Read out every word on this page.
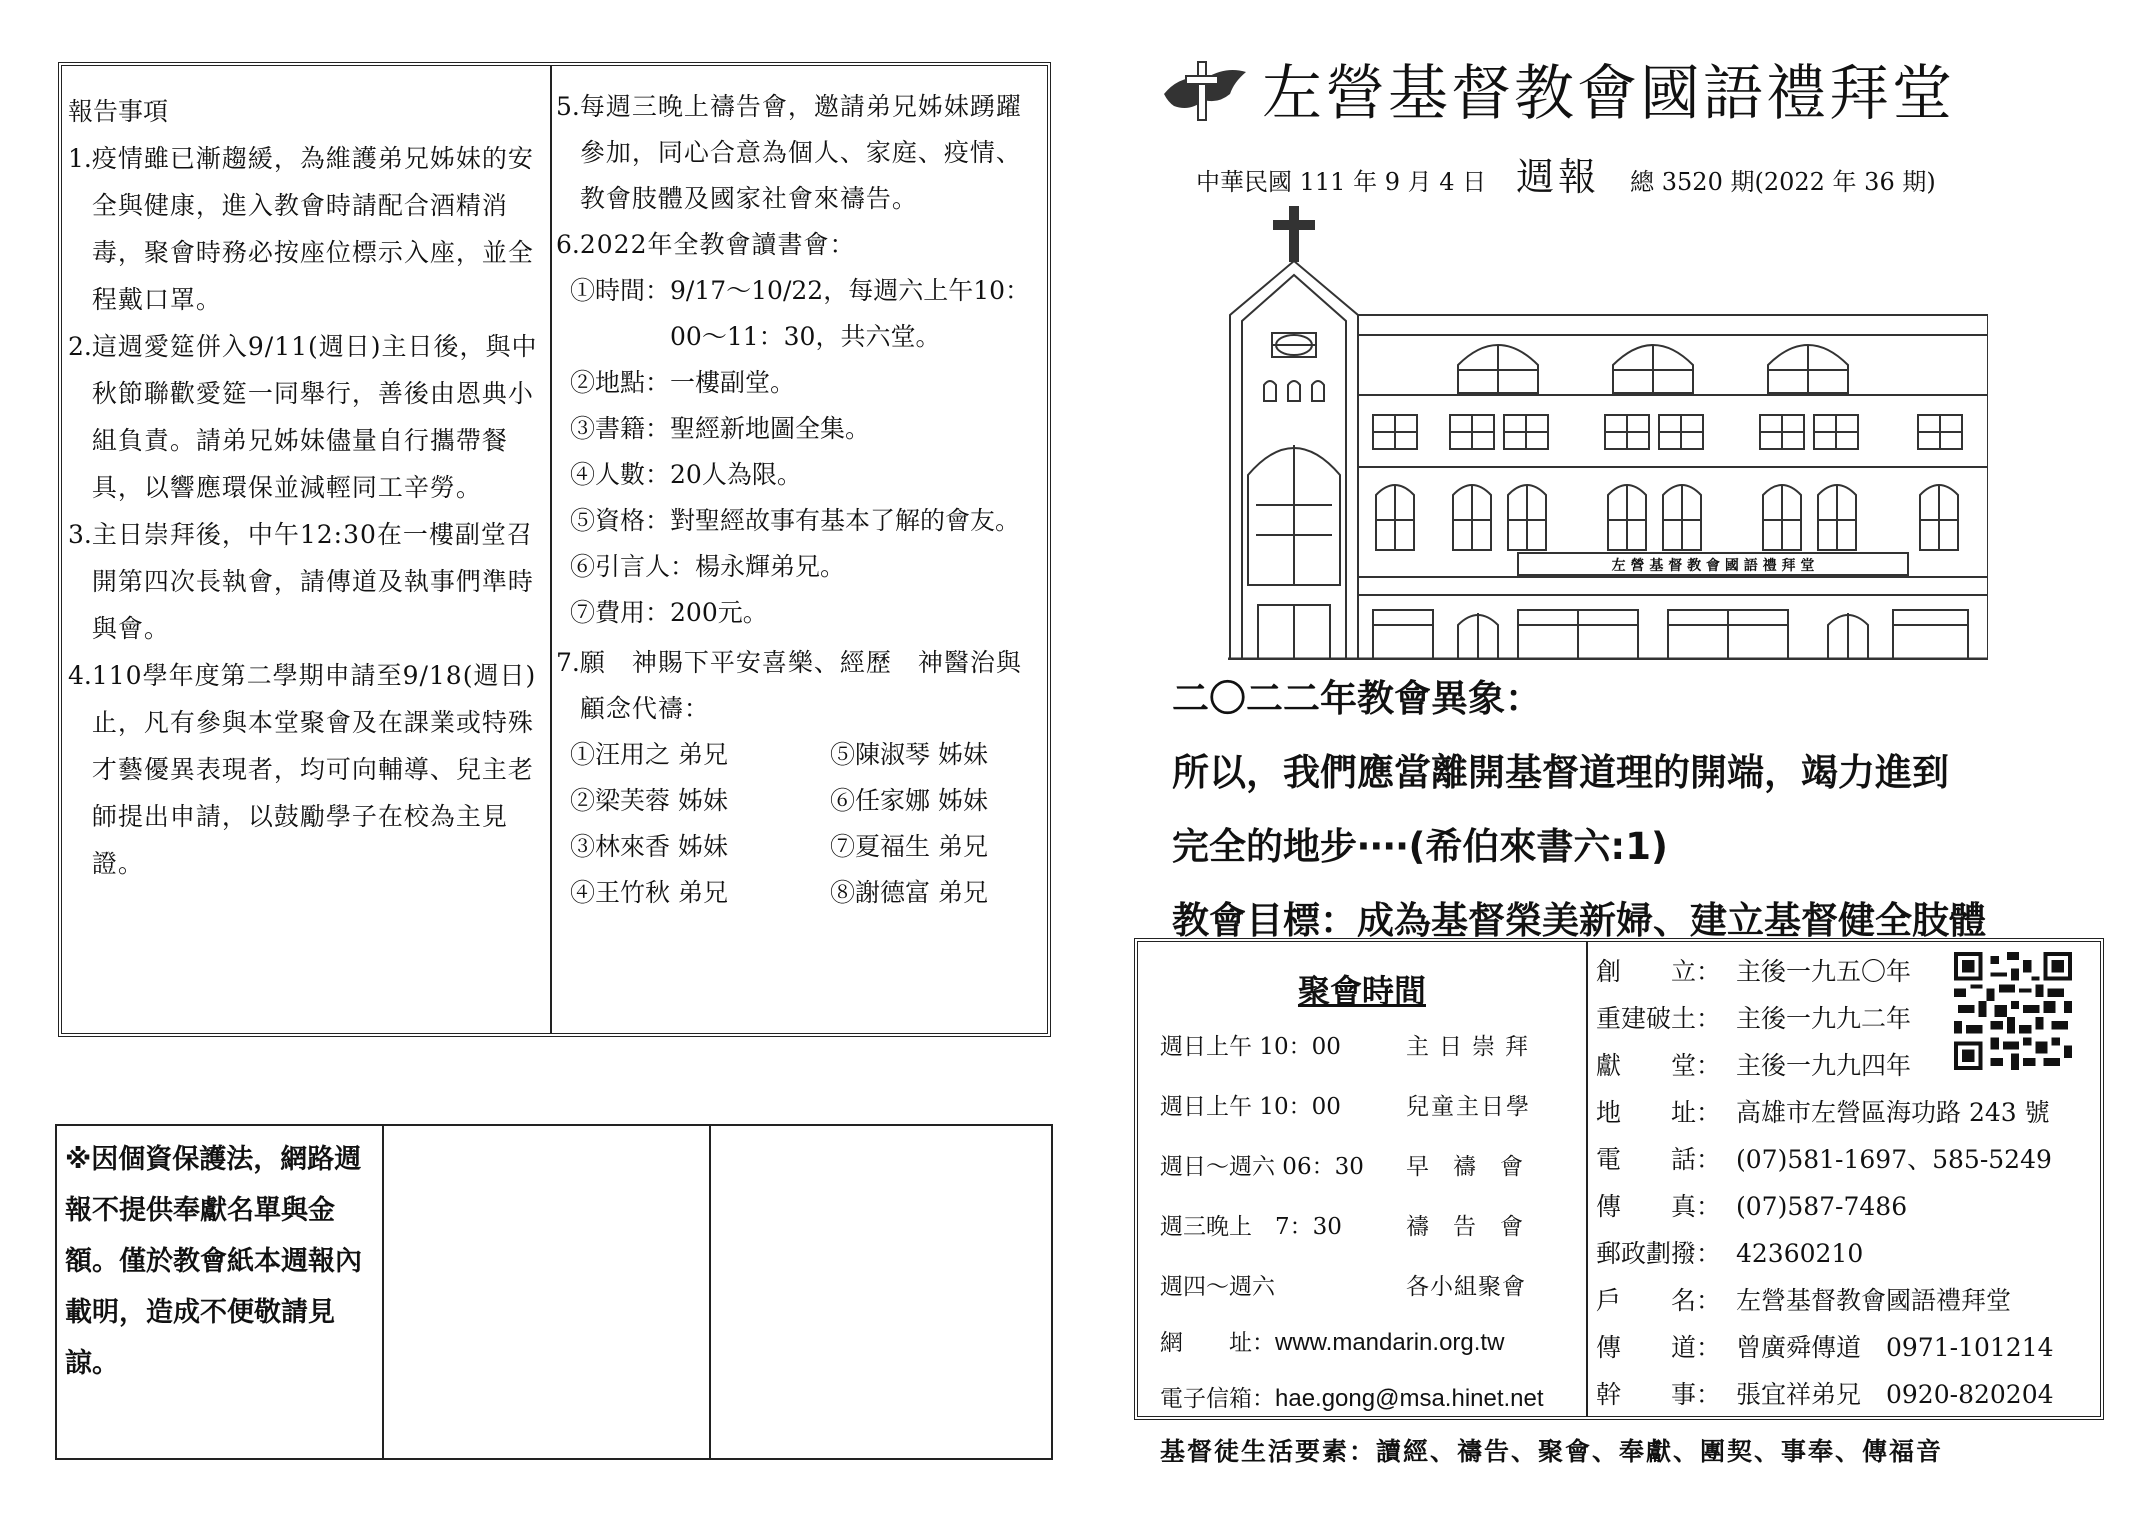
報告事項
1. 疫情雖已漸趨緩，為維護弟兄姊妹的安全與健康，進入教會時請配合酒精消毒，聚會時務必按座位標示入座，並全程戴口罩。
2. 這週愛筵併入9/11(週日)主日後，與中秋節聯歡愛筵一同舉行，善後由恩典小組負責。請弟兄姊妹儘量自行攜帶餐具，以響應環保並減輕同工辛勞。
3. 主日崇拜後，中午12:30在一樓副堂召開第四次長執會，請傳道及執事們準時與會。
4. 110學年度第二學期申請至9/18(週日)止，凡有參與本堂聚會及在課業或特殊才藝優異表現者，均可向輔導、兒主老師提出申請，以鼓勵學子在校為主見證。
5. 每週三晚上禱告會，邀請弟兄姊妹踴躍參加，同心合意為個人、家庭、疫情、教會肢體及國家社會來禱告。
6. 2022年全教會讀書會：
①時間： 9/17～10/22，每週六上午10：00～11：30，共六堂。
②地點： 一樓副堂。
③書籍： 聖經新地圖全集。
④人數： 20人為限。
⑤資格： 對聖經故事有基本了解的會友。
⑥引言人： 楊永輝弟兄。
⑦費用： 200元。
7. 願　神賜下平安喜樂、經歷　神醫治與顧念代禱：
①汪用之 弟兄	⑤陳淑琴 姊妹
②梁芙蓉 姊妹	⑥任家娜 姊妹
③林來香 姊妹	⑦夏福生 弟兄
④王竹秋 弟兄	⑧謝德富 弟兄
※因個資保護法，網路週報不提供奉獻名單與金額。僅於教會紙本週報內載明，造成不便敬請見諒。
左營基督教會國語禮拜堂
中華民國 111 年 9 月 4 日 週報 總 3520 期(2022 年 36 期)
左 營 基 督 教 會 國 語 禮 拜 堂
二〇二二年教會異象：
所以，我們應當離開基督道理的開端，竭力進到
完全的地步‧‧‧‧(希伯來書六:1)
教會目標：成為基督榮美新婦、建立基督健全肢體
聚會時間
週日上午 10：00	主日崇拜
週日上午 10：00	兒童主日學
週日～週六 06：30 早禱會
週三晚上　7：30	禱告會
週四～週六	各小組聚會
網　　址：www.mandarin.org.tw
電子信箱：hae.gong@msa.hinet.net
創　　立： 主後一九五〇年
重建破土： 主後一九九二年
獻　　堂： 主後一九九四年
地　　址： 高雄市左營區海功路 243 號
電　　話： (07)581-1697、585-5249
傳　　真： (07)587-7486
郵政劃撥： 42360210
戶　　名： 左營基督教會國語禮拜堂
傳　　道： 曾廣舜傳道　0971-101214
幹　　事： 張宜祥弟兄　0920-820204
基督徒生活要素：讀經、禱告、聚會、奉獻、團契、事奉、傳福音
